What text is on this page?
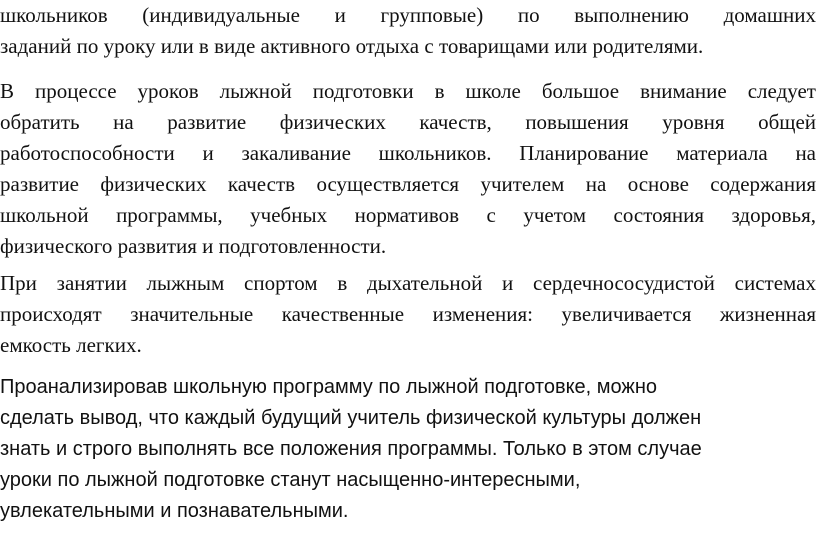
школьников (индивидуальные и групповые) по выполнению домашних
заданий по уроку или в виде активного отдыха с товарищами или родителями.
В процессе уроков лыжной подготовки в школе большое внимание следует
обратить на развитие физических качеств, повышения уровня общей
работоспособности и закаливание школьников. Планирование материала на
развитие физических качеств осуществляется учителем на основе содержания
школьной программы, учебных нормативов с учетом состояния здоровья,
физического развития и подготовленности.
При занятии лыжным спортом в дыхательной и сердечнососудистой системах
происходят значительные качественные изменения: увеличивается жизненная
емкость легких.
Проанализировав школьную программу по лыжной подготовке, можно
сделать вывод, что каждый будущий учитель физической культуры должен
знать и строго выполнять все положения программы. Только в этом случае
уроки по лыжной подготовке станут насыщенно-интересными,
увлекательными и познавательными.
